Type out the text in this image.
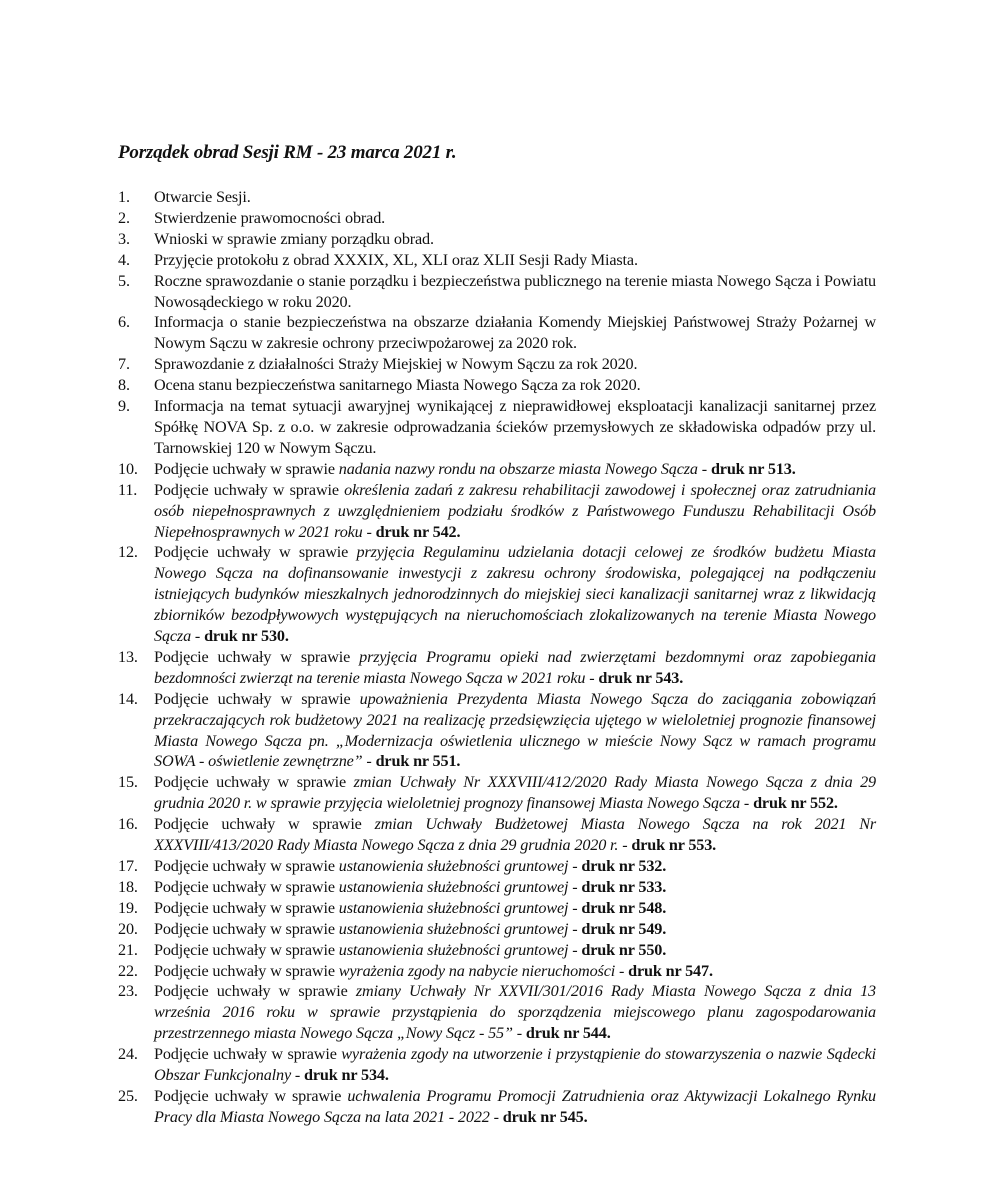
Porządek obrad Sesji RM - 23 marca 2021 r.
1.	Otwarcie Sesji.
2.	Stwierdzenie prawomocności obrad.
3.	Wnioski w sprawie zmiany porządku obrad.
4.	Przyjęcie protokołu z obrad XXXIX, XL, XLI oraz XLII Sesji Rady Miasta.
5.	Roczne sprawozdanie o stanie porządku i bezpieczeństwa publicznego na terenie miasta Nowego Sącza i Powiatu Nowosądeckiego w roku 2020.
6.	Informacja o stanie bezpieczeństwa na obszarze działania Komendy Miejskiej Państwowej Straży Pożarnej w Nowym Sączu w zakresie ochrony przeciwpożarowej za 2020 rok.
7.	Sprawozdanie z działalności Straży Miejskiej w Nowym Sączu za rok 2020.
8.	Ocena stanu bezpieczeństwa sanitarnego Miasta Nowego Sącza za rok 2020.
9.	Informacja na temat sytuacji awaryjnej wynikającej z nieprawidłowej eksploatacji kanalizacji sanitarnej przez Spółkę NOVA Sp. z o.o. w zakresie odprowadzania ścieków przemysłowych ze składowiska odpadów przy ul. Tarnowskiej 120 w Nowym Sączu.
10.	Podjęcie uchwały w sprawie nadania nazwy rondu na obszarze miasta Nowego Sącza - druk nr 513.
11.	Podjęcie uchwały w sprawie określenia zadań z zakresu rehabilitacji zawodowej i społecznej oraz zatrudniania osób niepełnosprawnych z uwzględnieniem podziału środków z Państwowego Funduszu Rehabilitacji Osób Niepełnosprawnych w 2021 roku - druk nr 542.
12.	Podjęcie uchwały w sprawie przyjęcia Regulaminu udzielania dotacji celowej ze środków budżetu Miasta Nowego Sącza na dofinansowanie inwestycji z zakresu ochrony środowiska, polegającej na podłączeniu istniejących budynków mieszkalnych jednorodzinnych do miejskiej sieci kanalizacji sanitarnej wraz z likwidacją zbiorników bezodpływowych występujących na nieruchomościach zlokalizowanych na terenie Miasta Nowego Sącza - druk nr 530.
13.	Podjęcie uchwały w sprawie przyjęcia Programu opieki nad zwierzętami bezdomnymi oraz zapobiegania bezdomności zwierząt na terenie miasta Nowego Sącza w 2021 roku - druk nr 543.
14.	Podjęcie uchwały w sprawie upoważnienia Prezydenta Miasta Nowego Sącza do zaciągania zobowiązań przekraczających rok budżetowy 2021 na realizację przedsięwzięcia ujętego w wieloletniej prognozie finansowej Miasta Nowego Sącza pn. „Modernizacja oświetlenia ulicznego w mieście Nowy Sącz w ramach programu SOWA - oświetlenie zewnętrzne” - druk nr 551.
15.	Podjęcie uchwały w sprawie zmian Uchwały Nr XXXVIII/412/2020 Rady Miasta Nowego Sącza z dnia 29 grudnia 2020 r. w sprawie przyjęcia wieloletniej prognozy finansowej Miasta Nowego Sącza - druk nr 552.
16.	Podjęcie uchwały w sprawie zmian Uchwały Budżetowej Miasta Nowego Sącza na rok 2021 Nr XXXVIII/413/2020 Rady Miasta Nowego Sącza z dnia 29 grudnia 2020 r. - druk nr 553.
17.	Podjęcie uchwały w sprawie ustanowienia służebności gruntowej - druk nr 532.
18.	Podjęcie uchwały w sprawie ustanowienia służebności gruntowej - druk nr 533.
19.	Podjęcie uchwały w sprawie ustanowienia służebności gruntowej - druk nr 548.
20.	Podjęcie uchwały w sprawie ustanowienia służebności gruntowej - druk nr 549.
21.	Podjęcie uchwały w sprawie ustanowienia służebności gruntowej - druk nr 550.
22.	Podjęcie uchwały w sprawie wyrażenia zgody na nabycie nieruchomości - druk nr 547.
23.	Podjęcie uchwały w sprawie zmiany Uchwały Nr XXVII/301/2016 Rady Miasta Nowego Sącza z dnia 13 września 2016 roku w sprawie przystąpienia do sporządzenia miejscowego planu zagospodarowania przestrzennego miasta Nowego Sącza „Nowy Sącz - 55” - druk nr 544.
24.	Podjęcie uchwały w sprawie wyrażenia zgody na utworzenie i przystąpienie do stowarzyszenia o nazwie Sądecki Obszar Funkcjonalny - druk nr 534.
25.	Podjęcie uchwały w sprawie uchwalenia Programu Promocji Zatrudnienia oraz Aktywizacji Lokalnego Rynku Pracy dla Miasta Nowego Sącza na lata 2021 - 2022 - druk nr 545.
